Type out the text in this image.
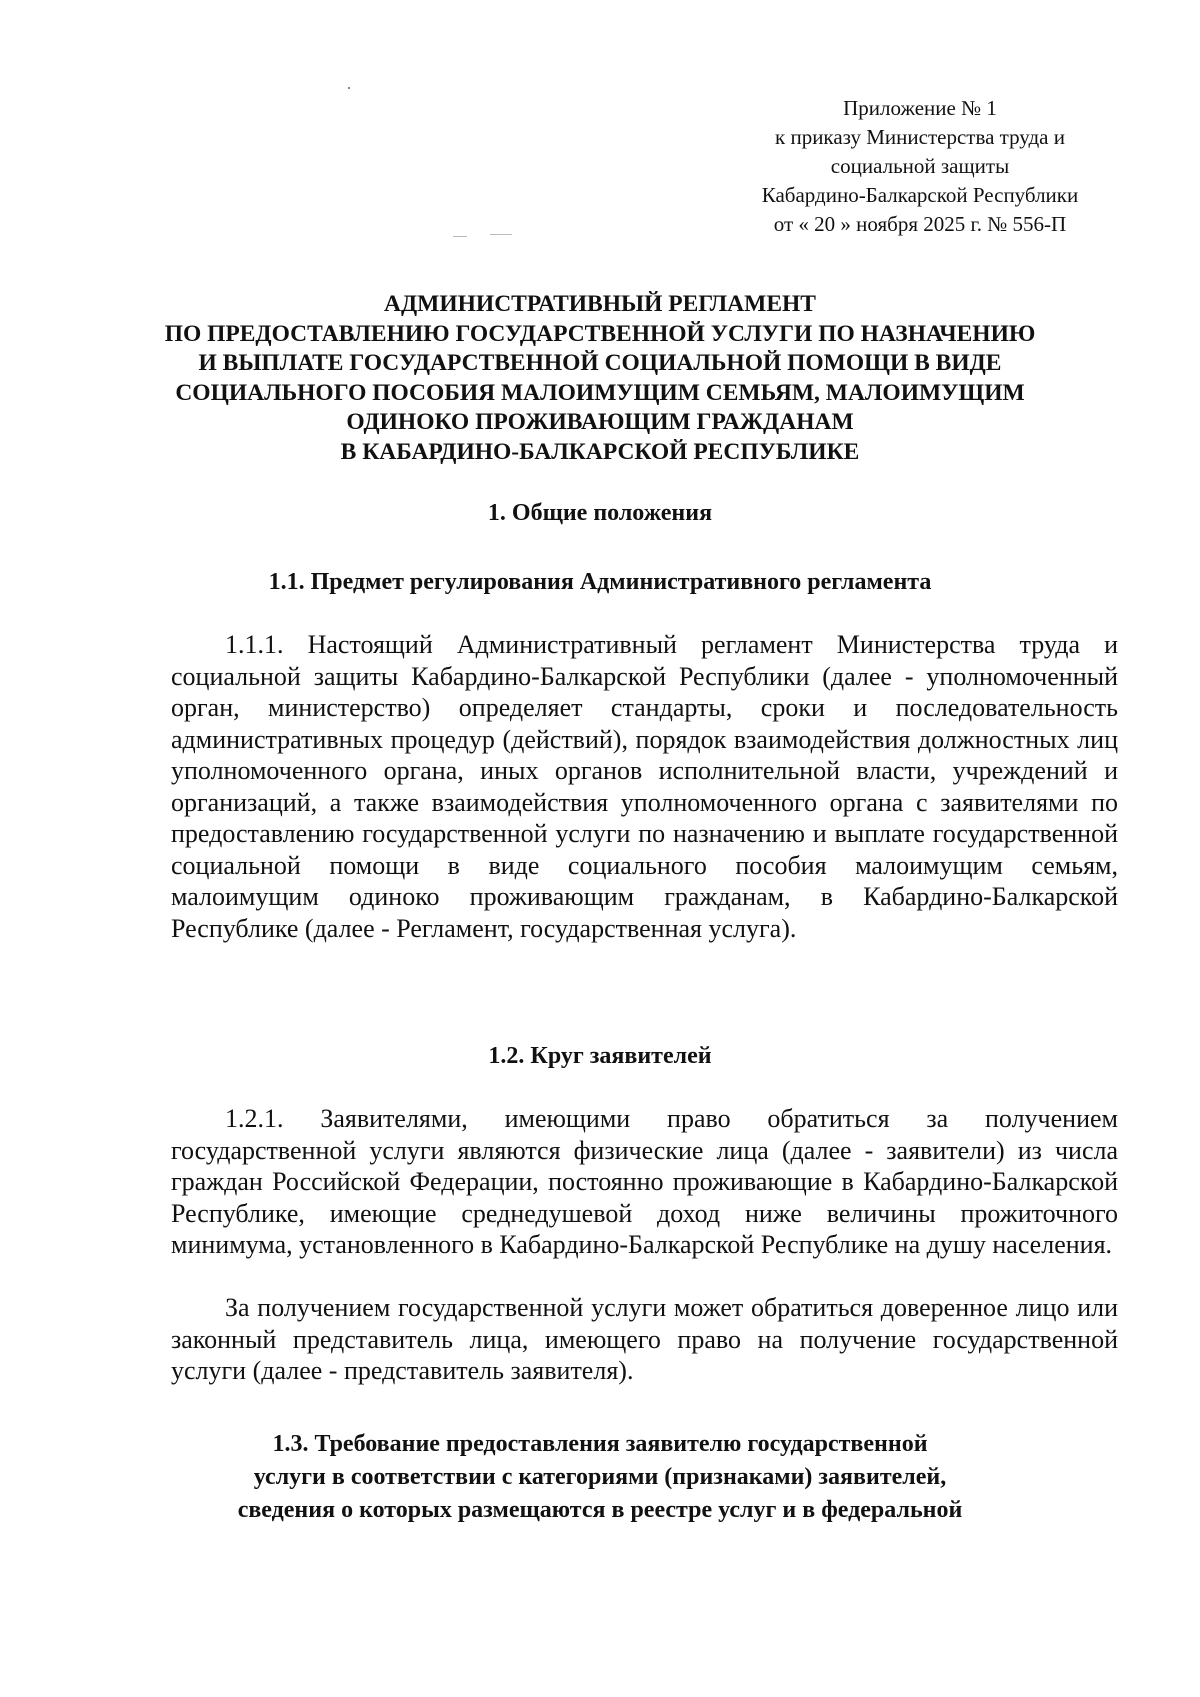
Приложение № 1
к приказу Министерства труда и
социальной защиты
Кабардино-Балкарской Республики
от « 20 » ноября 2025 г. № 556-П
АДМИНИСТРАТИВНЫЙ РЕГЛАМЕНТ
ПО ПРЕДОСТАВЛЕНИЮ ГОСУДАРСТВЕННОЙ УСЛУГИ ПО НАЗНАЧЕНИЮ
И ВЫПЛАТЕ ГОСУДАРСТВЕННОЙ СОЦИАЛЬНОЙ ПОМОЩИ В ВИДЕ
СОЦИАЛЬНОГО ПОСОБИЯ МАЛОИМУЩИМ СЕМЬЯМ, МАЛОИМУЩИМ
ОДИНОКО ПРОЖИВАЮЩИМ ГРАЖДАНАМ
В КАБАРДИНО-БАЛКАРСКОЙ РЕСПУБЛИКЕ
1. Общие положения
1.1. Предмет регулирования Административного регламента

1.1.1. Настоящий Административный регламент Министерства труда и социальной защиты Кабардино-Балкарской Республики (далее - уполномоченный орган, министерство) определяет стандарты, сроки и последовательность административных процедур (действий), порядок взаимодействия должностных лиц уполномоченного органа, иных органов исполнительной власти, учреждений и организаций, а также взаимодействия уполномоченного органа с заявителями по предоставлению государственной услуги по назначению и выплате государственной социальной помощи в виде социального пособия малоимущим семьям, малоимущим одиноко проживающим гражданам, в Кабардино-Балкарской Республике (далее - Регламент, государственная услуга).

1.2. Круг заявителей

1.2.1. Заявителями, имеющими право обратиться за получением государственной услуги являются физические лица (далее - заявители) из числа граждан Российской Федерации, постоянно проживающие в Кабардино-Балкарской Республике, имеющие среднедушевой доход ниже величины прожиточного минимума, установленного в Кабардино-Балкарской Республике на душу населения.

За получением государственной услуги может обратиться доверенное лицо или законный представитель лица, имеющего право на получение государственной услуги (далее - представитель заявителя).

1.3. Требование предоставления заявителю государственной
услуги в соответствии с категориями (признаками) заявителей,
сведения о которых размещаются в реестре услуг и в федеральной
